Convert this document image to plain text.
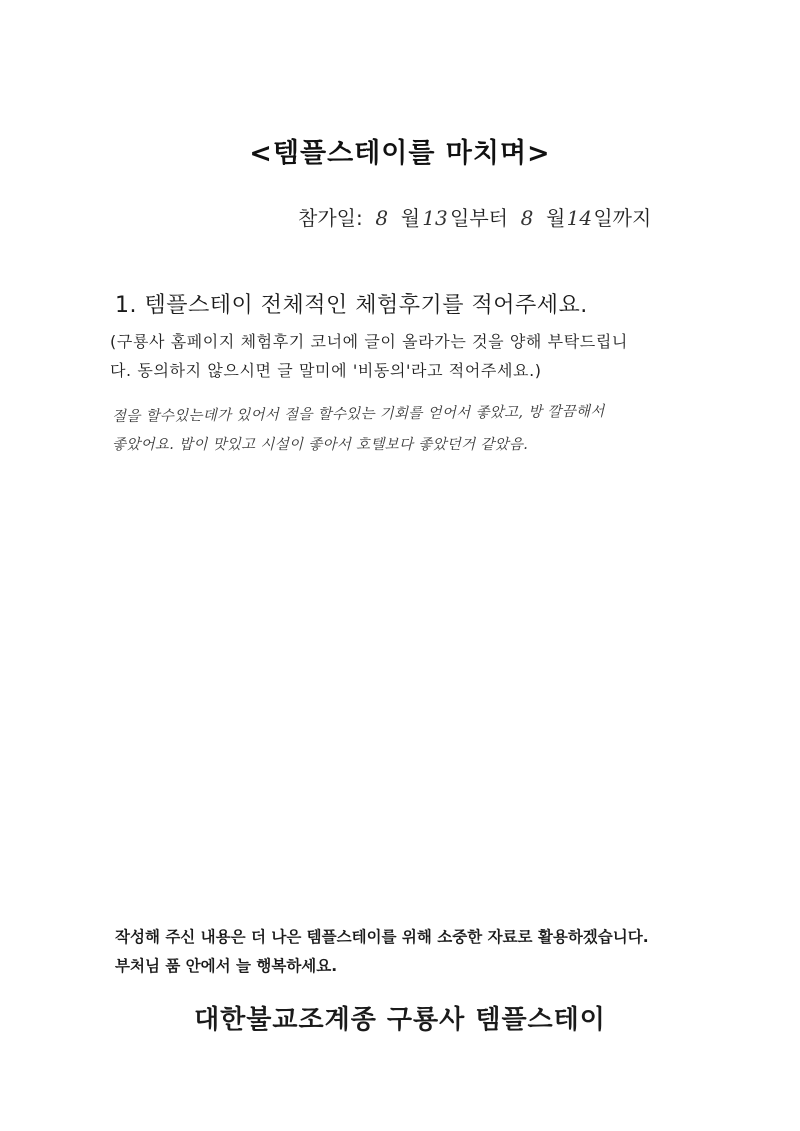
<템플스테이를 마치며>
참가일: 8 월 13 일부터 8 월 14 일까지
1. 템플스테이 전체적인 체험후기를 적어주세요.
(구룡사 홈페이지 체험후기 코너에 글이 올라가는 것을 양해 부탁드립니
다. 동의하지 않으시면 글 말미에 '비동의'라고 적어주세요.)
절을 할수있는데가 있어서 절을 할수있는 기회를 얻어서 좋았고, 방 깔끔해서
좋았어요. 밥이 맛있고 시설이 좋아서 호텔보다 좋았던거 같았음.
작성해 주신 내용은 더 나은 템플스테이를 위해 소중한 자료로 활용하겠습니다.
부처님 품 안에서 늘 행복하세요.
대한불교조계종 구룡사 템플스테이
